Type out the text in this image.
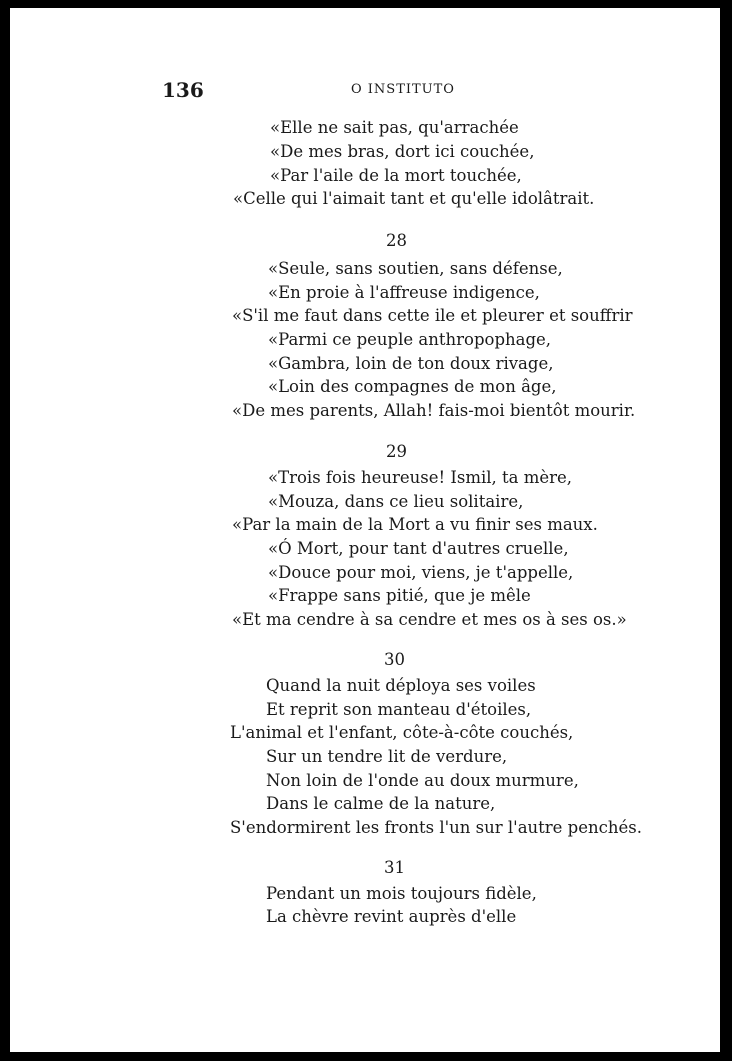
136	O INSTITUTO
«Elle ne sait pas, qu'arrachée
«De mes bras, dort ici couchée,
«Par l'aile de la mort touchée,
«Celle qui l'aimait tant et qu'elle idolâtrait.
28
«Seule, sans soutien, sans défense,
«En proie à l'affreuse indigence,
«S'il me faut dans cette ile et pleurer et souffrir
«Parmi ce peuple anthropophage,
«Gambra, loin de ton doux rivage,
«Loin des compagnes de mon âge,
«De mes parents, Allah! fais-moi bientôt mourir.
29
«Trois fois heureuse! Ismil, ta mère,
«Mouza, dans ce lieu solitaire,
«Par la main de la Mort a vu finir ses maux.
«Ó Mort, pour tant d'autres cruelle,
«Douce pour moi, viens, je t'appelle,
«Frappe sans pitié, que je mêle
«Et ma cendre à sa cendre et mes os à ses os.»
30
Quand la nuit déploya ses voiles
Et reprit son manteau d'étoiles,
L'animal et l'enfant, côte-à-côte couchés,
Sur un tendre lit de verdure,
Non loin de l'onde au doux murmure,
Dans le calme de la nature,
S'endormirent les fronts l'un sur l'autre penchés.
31
Pendant un mois toujours fidèle,
La chèvre revint auprès d'elle
